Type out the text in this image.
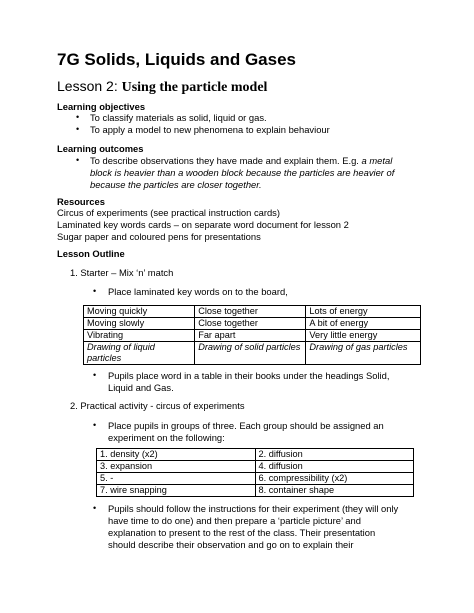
7G Solids, Liquids and Gases
Lesson 2: Using the particle model
Learning objectives
• To classify materials as solid, liquid or gas.
• To apply a model to new phenomena to explain behaviour
Learning outcomes
• To describe observations they have made and explain them. E.g. a metal
block is heavier than a wooden block because the particles are heavier of
because the particles are closer together.
Resources
Circus of experiments (see practical instruction cards)
Laminated key words cards – on separate word document for lesson 2
Sugar paper and coloured pens for presentations
Lesson Outline
1. Starter – Mix ‘n’ match
• Place laminated key words on to the board,
Moving quickly	Close together	Lots of energy
Moving slowly	Close together	A bit of energy
Vibrating	Far apart	Very little energy
Drawing of liquid particles	Drawing of solid particles	Drawing of gas particles
• Pupils place word in a table in their books under the headings Solid,
Liquid and Gas.
2. Practical activity - circus of experiments
• Place pupils in groups of three. Each group should be assigned an
experiment on the following:
1. density (x2)	2. diffusion
3. expansion	4. diffusion
5. -	6. compressibility (x2)
7. wire snapping	8. container shape
• Pupils should follow the instructions for their experiment (they will only
have time to do one) and then prepare a ‘particle picture’ and
explanation to present to the rest of the class. Their presentation
should describe their observation and go on to explain their
